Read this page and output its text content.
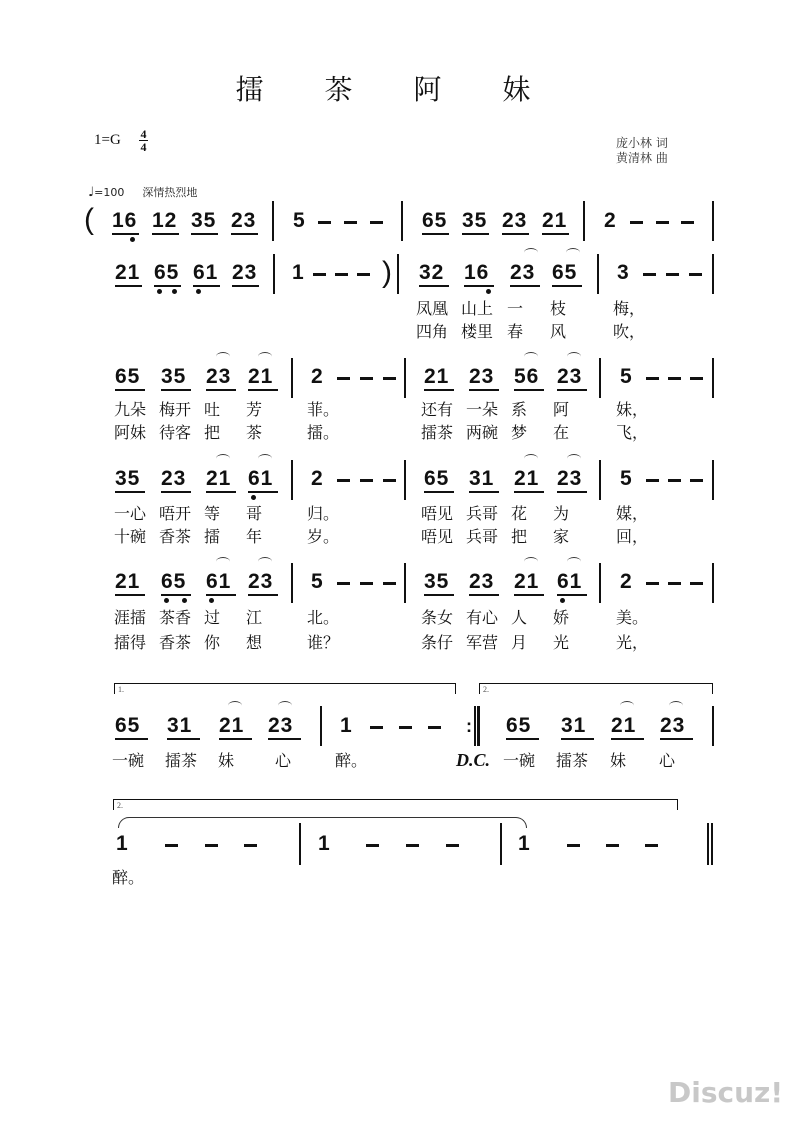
擂 茶 阿 妹
1=G 4
4	庞小林 词
黄清林 曲
♩=100 深情热烈地
( 16 12 35 23 5	65 35 23 21 2
21 65 61 23 1	) 32 16 23 65 3
凤凰 山上 一 枝	梅，
四角 楼里 春 风	吹，
65 35 23 21 2	21 23 56 23 5
九朵 梅开 吐 芳	菲。
阿妹 待客 把 茶	擂。
还有 一朵 系 阿	妹，
擂茶 两碗 梦 在	飞，
35 23 21 61 2	65 31 21 23 5
一心 唔开 等 哥	归。
十碗 香茶 擂 年	岁。
唔见 兵哥 花 为	媒，
唔见 兵哥 把 家	回，
21 65 61 23 5	35 23 21 61 2
涯擂 茶香 过 江	北。
擂得 香茶 你 想	谁？
条女 有心 人 娇	美。
条仔 军营 月 光	光，
1.	2.
65 31 21 23 1	: 65 31 21 23
一碗 擂茶 妹	心	醉。	D.C. 一碗 擂茶 妹 心
2.
1	1	1
醉。
Discuz!
